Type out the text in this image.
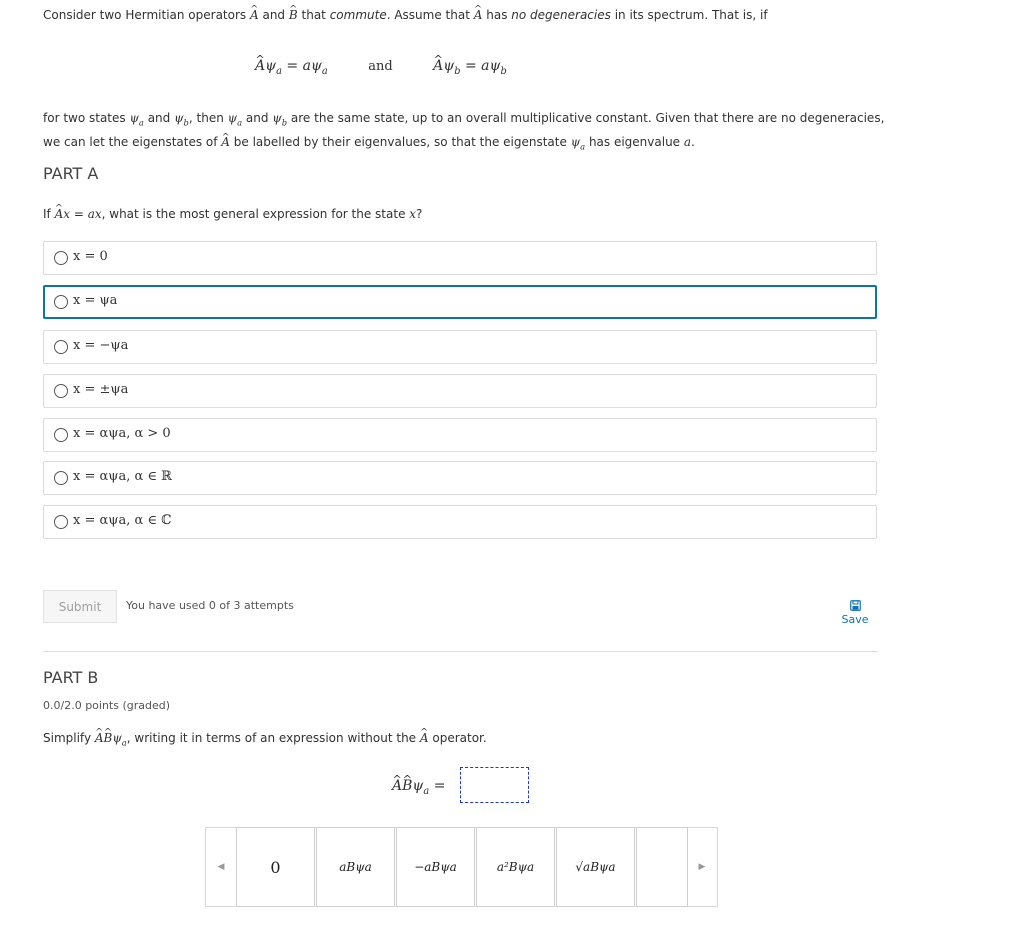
Consider two Hermitian operators ^ A and ^ B that commute. Assume that ^ A has no degeneracies in its spectrum. That is, if
^ $A\psi_a = a\psi_a$	and	^ $A\psi_b = a\psi_b$
for two states $\psi_a$ and $\psi_b$, then $\psi_a$ and $\psi_b$ are the same state, up to an overall multiplicative constant. Given that there are no degeneracies, we can let the eigenstates of ^ A be labelled by their eigenvalues, so that the eigenstate $\psi_a$ has eigenvalue a.
PART A
If ^ Ax = ax, what is the most general expression for the state x?
x = 0
x = ψa
x = −ψa
x = ±ψa
x = αψa, α > 0
x = αψa, α ∈ ℝ
x = αψa, α ∈ ℂ
Submit	You have used 0 of 3 attempts
Save
PART B
0.0/2.0 points (graded)
Simplify ^ A^ $B\psi_a$, writing it in terms of an expression without the ^ A operator.
^ A^ $B\psi_a$ =
◀	0	aBψa	−aBψa	a²Bψa	√aBψa	▶
